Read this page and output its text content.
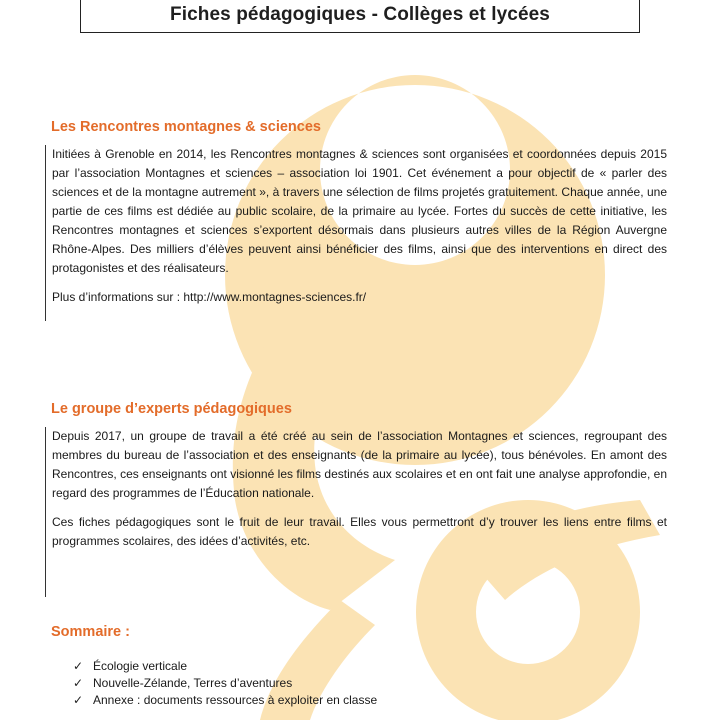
Fiches pédagogiques - Collèges et lycées
Les Rencontres montagnes & sciences

Initiées à Grenoble en 2014, les Rencontres montagnes & sciences sont organisées et coordonnées depuis 2015 par l’association Montagnes et sciences – association loi 1901. Cet événement a pour objectif de « parler des sciences et de la montagne autrement », à travers une sélection de films projetés gratuitement. Chaque année, une partie de ces films est dédiée au public scolaire, de la primaire au lycée. Fortes du succès de cette initiative, les Rencontres montagnes et sciences s’exportent désormais dans plusieurs autres villes de la Région Auvergne Rhône-Alpes. Des milliers d’élèves peuvent ainsi bénéficier des films, ainsi que des interventions en direct des protagonistes et des réalisateurs.

Plus d’informations sur : http://www.montagnes-sciences.fr/

Le groupe d’experts pédagogiques

Depuis 2017, un groupe de travail a été créé au sein de l’association Montagnes et sciences, regroupant des membres du bureau de l’association et des enseignants (de la primaire au lycée), tous bénévoles. En amont des Rencontres, ces enseignants ont visionné les films destinés aux scolaires et en ont fait une analyse approfondie, en regard des programmes de l’Éducation nationale.

Ces fiches pédagogiques sont le fruit de leur travail. Elles vous permettront d’y trouver les liens entre films et programmes scolaires, des idées d’activités, etc.

Sommaire :
✓ Écologie verticale
✓ Nouvelle-Zélande, Terres d’aventures
✓ Annexe : documents ressources à exploiter en classe
